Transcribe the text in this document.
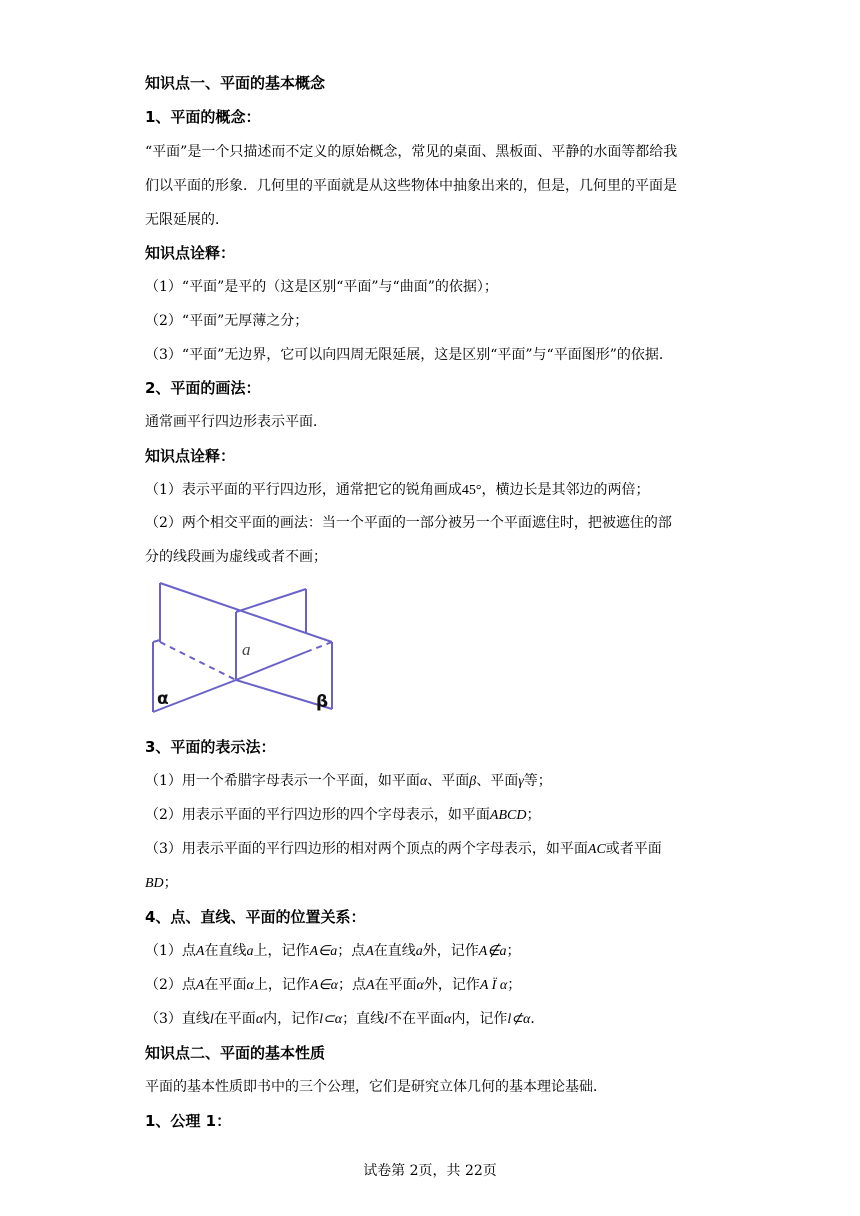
知识点一、平面的基本概念
1、平面的概念：
“平面”是一个只描述而不定义的原始概念，常见的桌面、黑板面、平静的水面等都给我
们以平面的形象．几何里的平面就是从这些物体中抽象出来的，但是，几何里的平面是
无限延展的．
知识点诠释：
（1）“平面”是平的（这是区别“平面”与“曲面”的依据）；
（2）“平面”无厚薄之分；
（3）“平面”无边界，它可以向四周无限延展，这是区别“平面”与“平面图形”的依据．
2、平面的画法：
通常画平行四边形表示平面．
知识点诠释：
（1）表示平面的平行四边形，通常把它的锐角画成45°，横边长是其邻边的两倍；
（2）两个相交平面的画法：当一个平面的一部分被另一个平面遮住时，把被遮住的部
分的线段画为虚线或者不画；
a
α	β
3、平面的表示法：
（1）用一个希腊字母表示一个平面，如平面α、平面β、平面γ等；
（2）用表示平面的平行四边形的四个字母表示，如平面ABCD；
（3）用表示平面的平行四边形的相对两个顶点的两个字母表示，如平面AC或者平面
BD；
4、点、直线、平面的位置关系：
（1）点A在直线a上，记作A∈a；点A在直线a外，记作A∉a；
（2）点A在平面α上，记作A∈α；点A在平面α外，记作A Ï α；
（3）直线l在平面α内，记作l⊂α；直线l不在平面α内，记作l⊄α．
知识点二、平面的基本性质
平面的基本性质即书中的三个公理，它们是研究立体几何的基本理论基础．
1、公理 1：
试卷第 2页，共 22页
